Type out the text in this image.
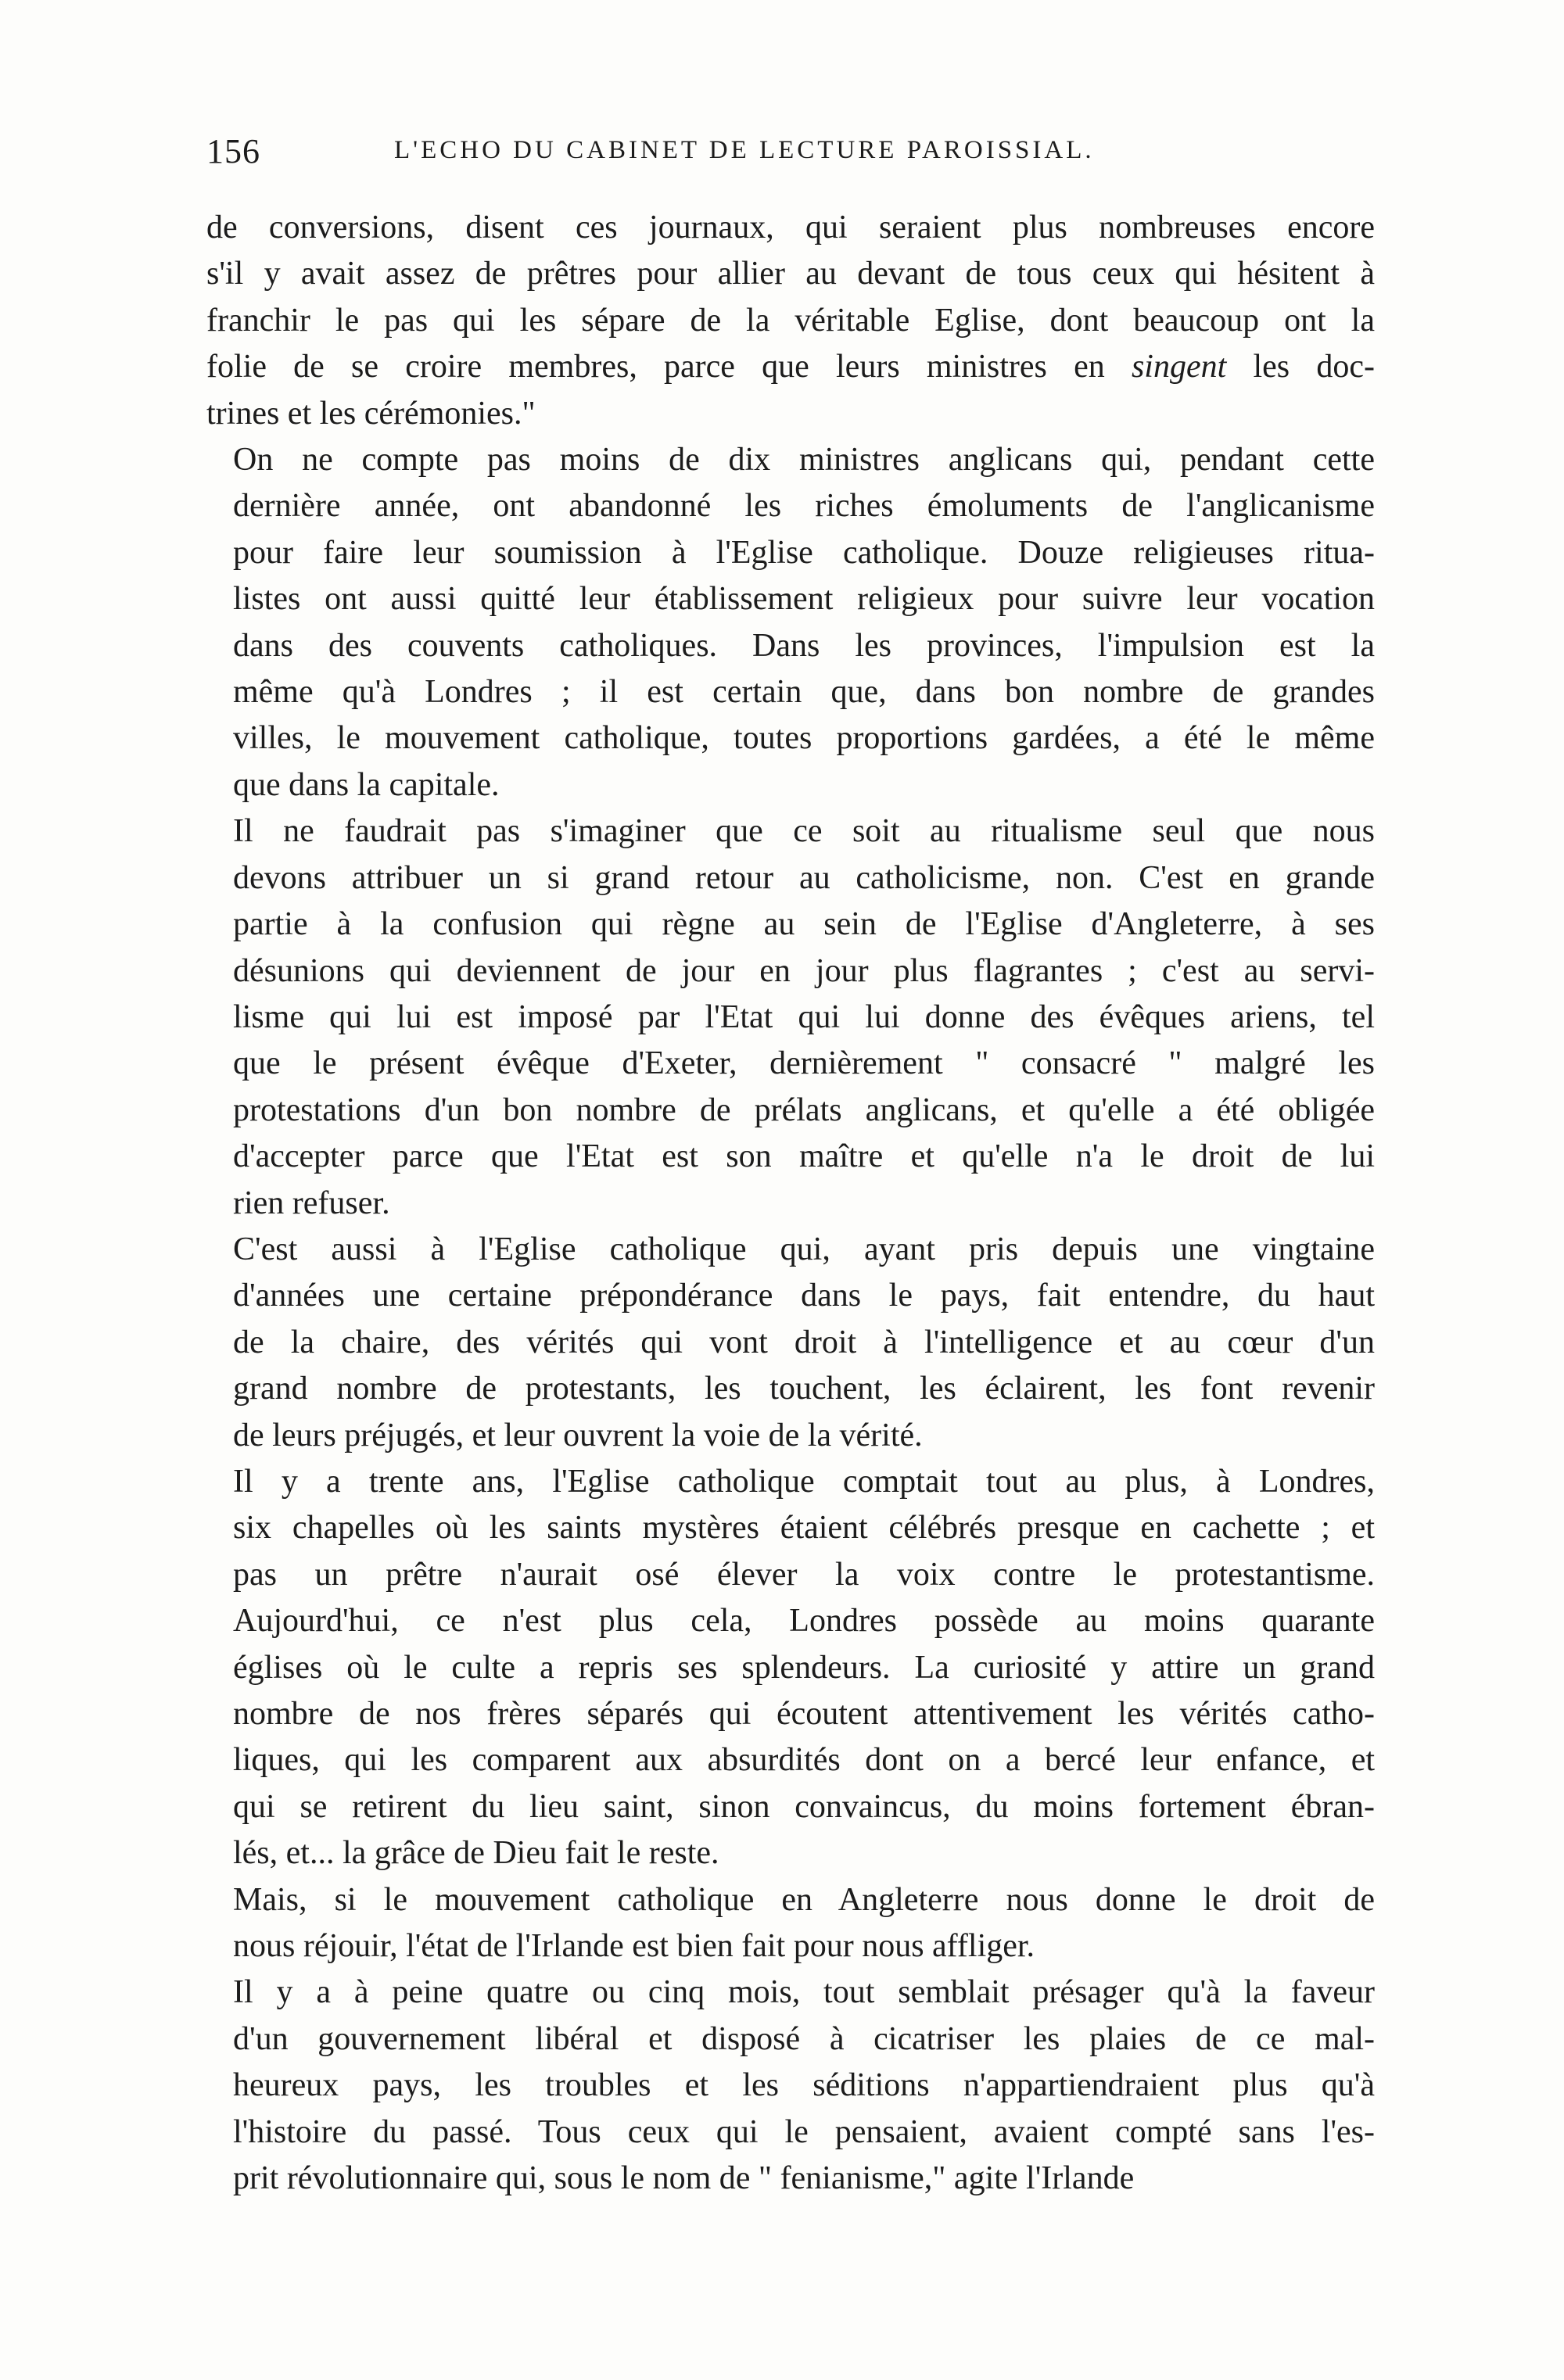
156	L'ECHO DU CABINET DE LECTURE PAROISSIAL.

de conversions, disent ces journaux, qui seraient plus nombreuses encore
s'il y avait assez de prêtres pour allier au devant de tous ceux qui hésitent à
franchir le pas qui les sépare de la véritable Eglise, dont beaucoup ont la
folie de se croire membres, parce que leurs ministres en singent les doc-
trines et les cérémonies."

On ne compte pas moins de dix ministres anglicans qui, pendant cette
dernière année, ont abandonné les riches émoluments de l'anglicanisme
pour faire leur soumission à l'Eglise catholique. Douze religieuses ritua-
listes ont aussi quitté leur établissement religieux pour suivre leur vocation
dans des couvents catholiques. Dans les provinces, l'impulsion est la
même qu'à Londres ; il est certain que, dans bon nombre de grandes
villes, le mouvement catholique, toutes proportions gardées, a été le même
que dans la capitale.

Il ne faudrait pas s'imaginer que ce soit au ritualisme seul que nous
devons attribuer un si grand retour au catholicisme, non. C'est en grande
partie à la confusion qui règne au sein de l'Eglise d'Angleterre, à ses
désunions qui deviennent de jour en jour plus flagrantes ; c'est au servi-
lisme qui lui est imposé par l'Etat qui lui donne des évêques ariens, tel
que le présent évêque d'Exeter, dernièrement " consacré " malgré les
protestations d'un bon nombre de prélats anglicans, et qu'elle a été obligée
d'accepter parce que l'Etat est son maître et qu'elle n'a le droit de lui
rien refuser.

C'est aussi à l'Eglise catholique qui, ayant pris depuis une vingtaine
d'années une certaine prépondérance dans le pays, fait entendre, du haut
de la chaire, des vérités qui vont droit à l'intelligence et au cœur d'un
grand nombre de protestants, les touchent, les éclairent, les font revenir
de leurs préjugés, et leur ouvrent la voie de la vérité.

Il y a trente ans, l'Eglise catholique comptait tout au plus, à Londres,
six chapelles où les saints mystères étaient célébrés presque en cachette ; et
pas un prêtre n'aurait osé élever la voix contre le protestantisme.
Aujourd'hui, ce n'est plus cela, Londres possède au moins quarante
églises où le culte a repris ses splendeurs. La curiosité y attire un grand
nombre de nos frères séparés qui écoutent attentivement les vérités catho-
liques, qui les comparent aux absurdités dont on a bercé leur enfance, et
qui se retirent du lieu saint, sinon convaincus, du moins fortement ébran-
lés, et... la grâce de Dieu fait le reste.

Mais, si le mouvement catholique en Angleterre nous donne le droit de
nous réjouir, l'état de l'Irlande est bien fait pour nous affliger.

Il y a à peine quatre ou cinq mois, tout semblait présager qu'à la faveur
d'un gouvernement libéral et disposé à cicatriser les plaies de ce mal-
heureux pays, les troubles et les séditions n'appartiendraient plus qu'à
l'histoire du passé. Tous ceux qui le pensaient, avaient compté sans l'es-
prit révolutionnaire qui, sous le nom de " fenianisme," agite l'Irlande
